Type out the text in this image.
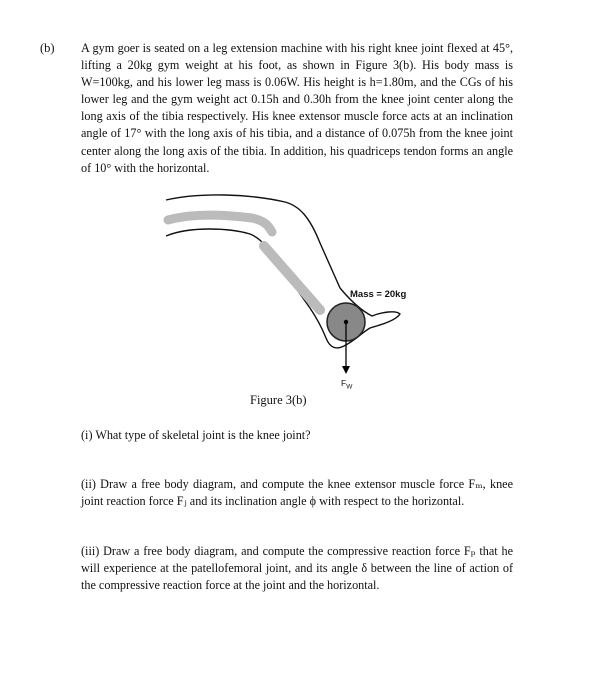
(b) A gym goer is seated on a leg extension machine with his right knee joint flexed at 45°, lifting a 20kg gym weight at his foot, as shown in Figure 3(b). His body mass is W=100kg, and his lower leg mass is 0.06W. His height is h=1.80m, and the CGs of his lower leg and the gym weight act 0.15h and 0.30h from the knee joint center along the long axis of the tibia respectively. His knee extensor muscle force acts at an inclination angle of 17° with the long axis of his tibia, and a distance of 0.075h from the knee joint center along the long axis of the tibia. In addition, his quadriceps tendon forms an angle of 10° with the horizontal.

Mass = 20kg
$F_W$
Figure 3(b)

(i) What type of skeletal joint is the knee joint?

(ii) Draw a free body diagram, and compute the knee extensor muscle force Fₘ, knee joint reaction force Fⱼ and its inclination angle ϕ with respect to the horizontal.

(iii) Draw a free body diagram, and compute the compressive reaction force Fₚ that he will experience at the patellofemoral joint, and its angle δ between the line of action of the compressive reaction force at the joint and the horizontal.
